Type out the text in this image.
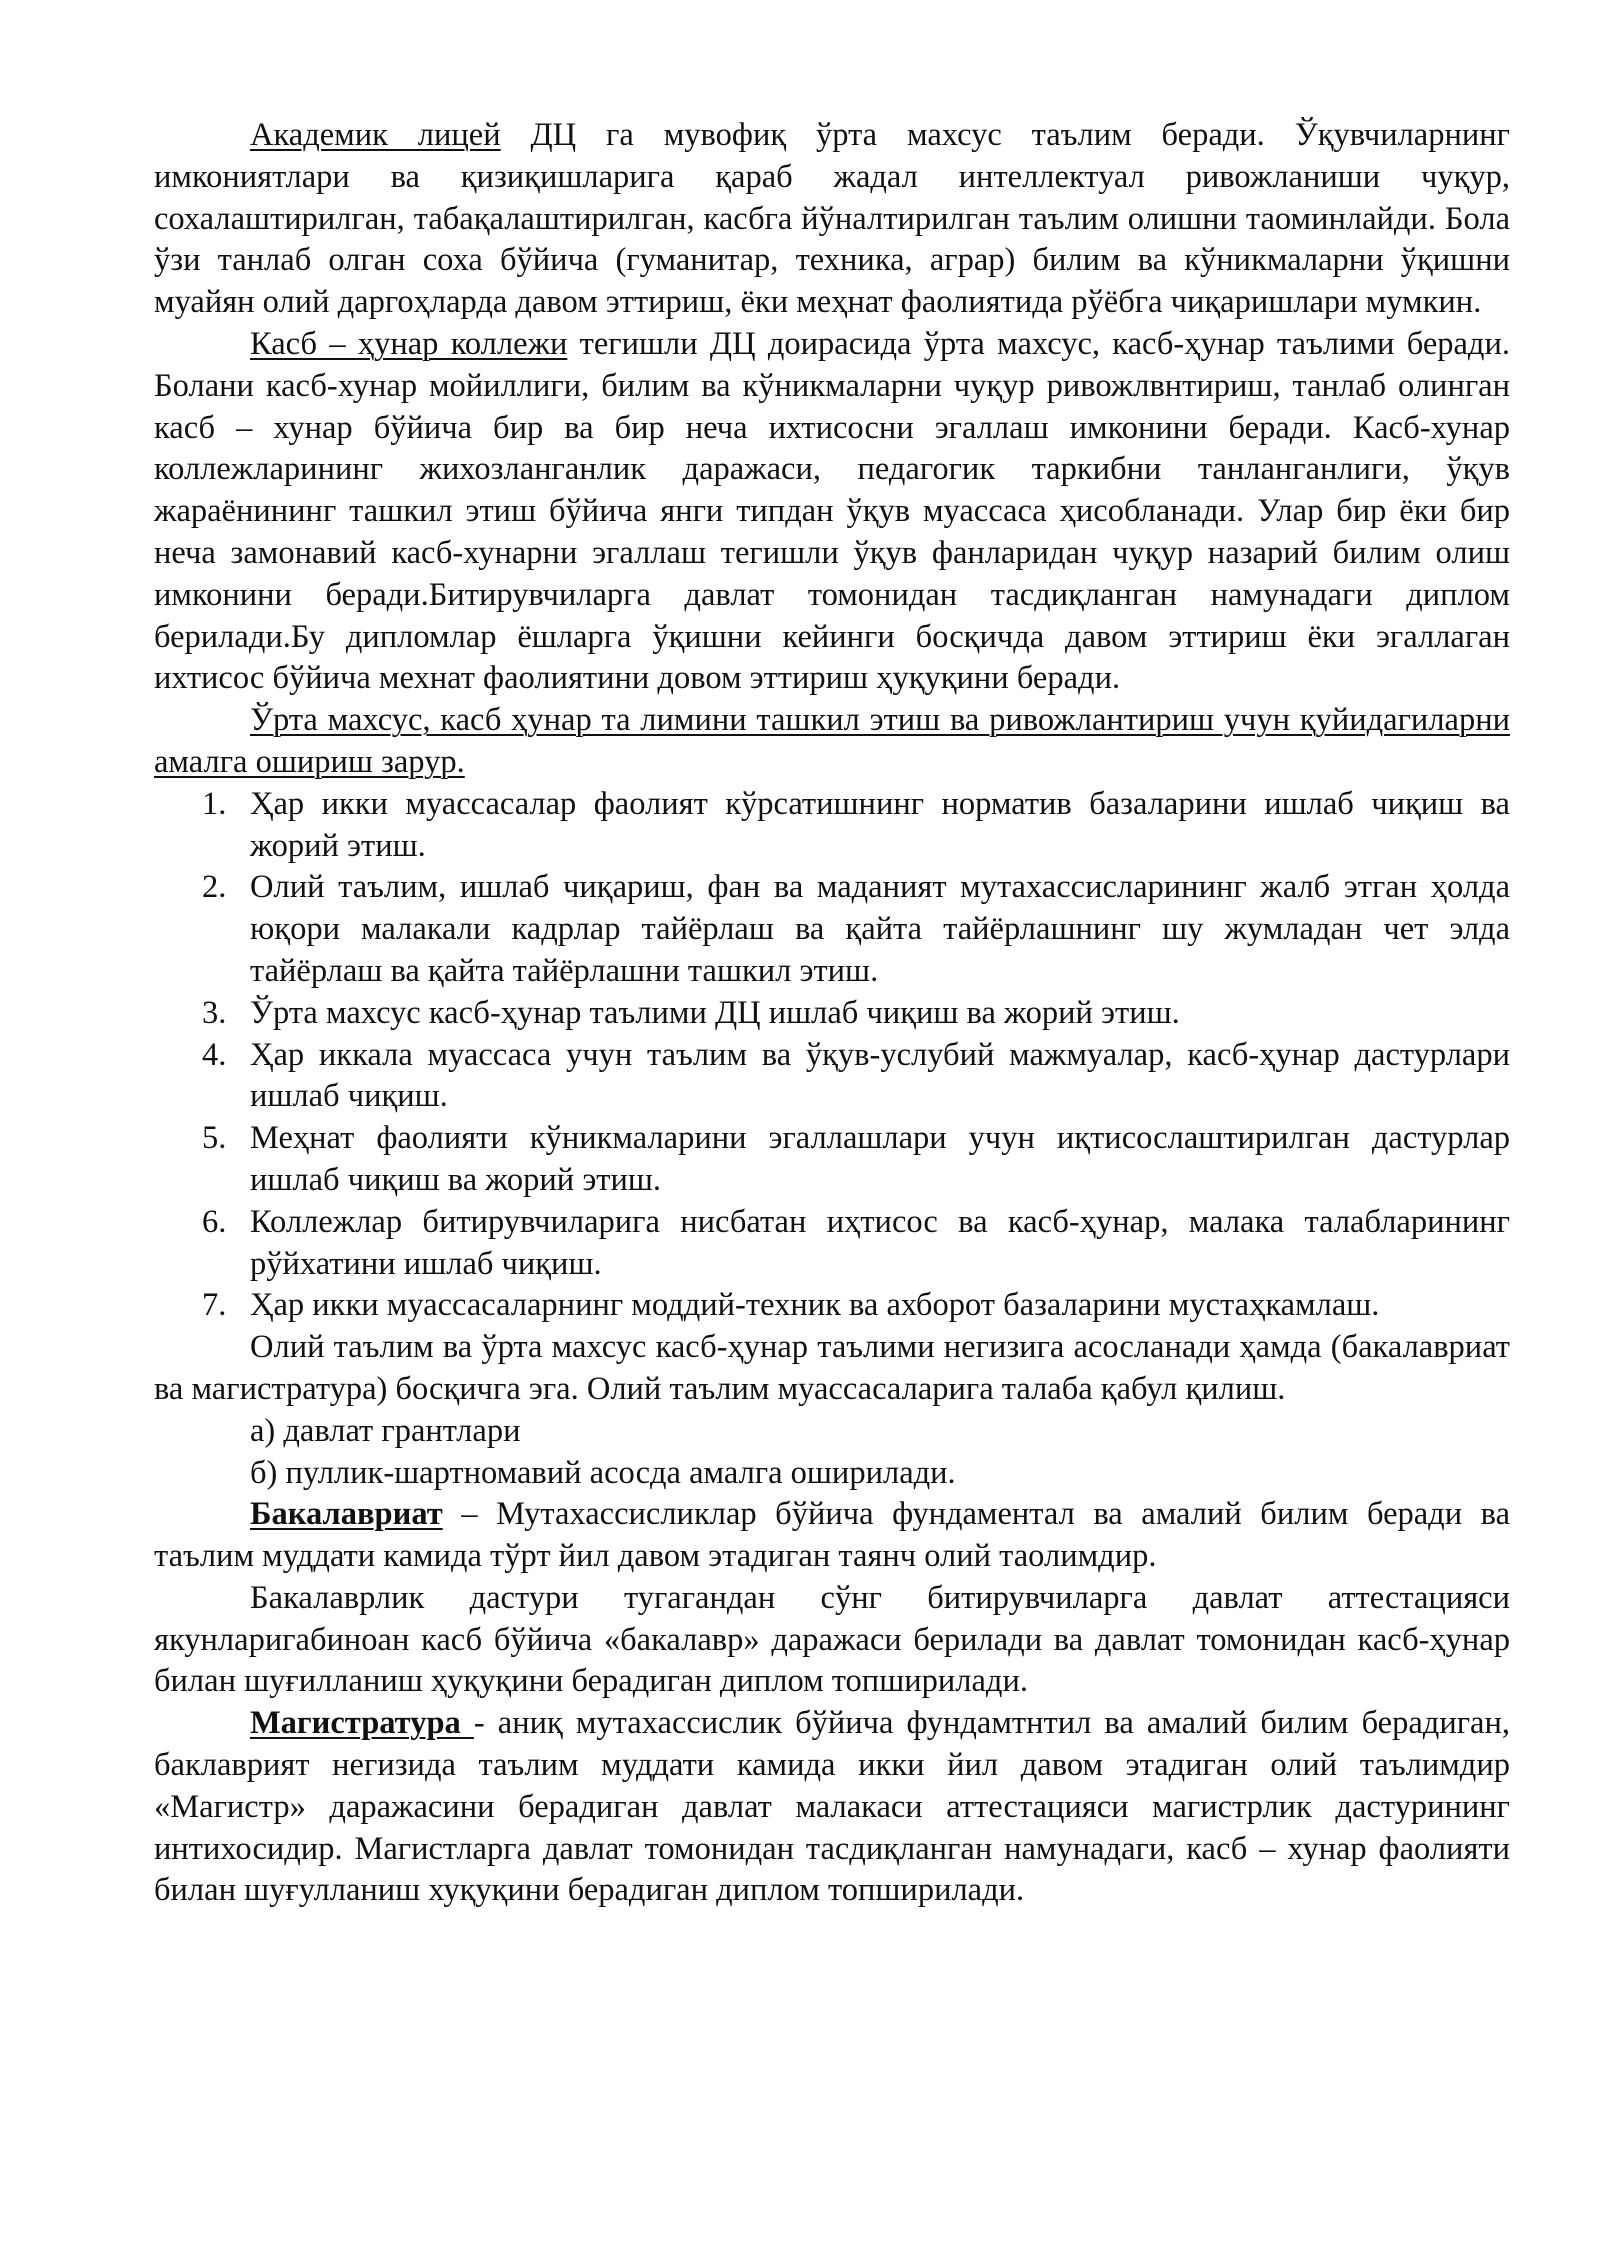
Академик лицей ДЦ га мувофиқ ўрта махсус таълим беради. Ўқувчиларнинг имкониятлари ва қизиқишларига қараб жадал интеллектуал ривожланиши чуқур, сохалаштирилган, табақалаштирилган, касбга йўналтирилган таълим олишни таоминлайди. Бола ўзи танлаб олган соха бўйича (гуманитар, техника, аграр) билим ва кўникмаларни ўқишни муайян олий даргоҳларда давом эттириш, ёки меҳнат фаолиятида рўёбга чиқаришлари мумкин.

Касб – ҳунар коллежи тегишли ДЦ доирасида ўрта махсус, касб-ҳунар таълими беради. Болани касб-хунар мойиллиги, билим ва кўникмаларни чуқур ривожлвнтириш, танлаб олинган касб – хунар бўйича бир ва бир неча ихтисосни эгаллаш имконини беради. Касб-хунар коллежларининг жихозланганлик даражаси, педагогик таркибни танланганлиги, ўқув жараёнининг ташкил этиш бўйича янги типдан ўқув муассаса ҳисобланади. Улар бир ёки бир неча замонавий касб-хунарни эгаллаш тегишли ўқув фанларидан чуқур назарий билим олиш имконини беради.Битирувчиларга давлат томонидан тасдиқланган намунадаги диплом берилади.Бу дипломлар ёшларга ўқишни кейинги босқичда давом эттириш ёки эгаллаган ихтисос бўйича мехнат фаолиятини довом эттириш ҳуқуқини беради.

Ўрта махсус, касб ҳунар та лимини ташкил этиш ва ривожлантириш учун қуйидагиларни амалга ошириш зарур.

1. Ҳар икки муассасалар фаолият кўрсатишнинг норматив базаларини ишлаб чиқиш ва жорий этиш.
2. Олий таълим, ишлаб чиқариш, фан ва маданият мутахассисларининг жалб этган ҳолда юқори малакали кадрлар тайёрлаш ва қайта тайёрлашнинг шу жумладан чет элда тайёрлаш ва қайта тайёрлашни ташкил этиш.
3. Ўрта махсус касб-ҳунар таълими ДЦ ишлаб чиқиш ва жорий этиш.
4. Ҳар иккала муассаса учун таълим ва ўқув-услубий мажмуалар, касб-ҳунар дастурлари ишлаб чиқиш.
5. Меҳнат фаолияти кўникмаларини эгаллашлари учун иқтисослаштирилган дастурлар ишлаб чиқиш ва жорий этиш.
6. Коллежлар битирувчиларига нисбатан иҳтисос ва касб-ҳунар, малака талабларининг рўйхатини ишлаб чиқиш.
7. Ҳар икки муассасаларнинг моддий-техник ва ахборот базаларини мустаҳкамлаш.

Олий таълим ва ўрта махсус касб-ҳунар таълими негизига асосланади ҳамда (бакалавриат ва магистратура) босқичга эга. Олий таълим муассасаларига талаба қабул қилиш.

а) давлат грантлари

б) пуллик-шартномавий асосда амалга оширилади.

Бакалавриат – Мутахассисликлар бўйича фундаментал ва амалий билим беради ва таълим муддати камида тўрт йил давом этадиган таянч олий таолимдир.

Бакалаврлик дастури тугагандан сўнг битирувчиларга давлат аттестацияси якунларигабиноан касб бўйича «бакалавр» даражаси берилади ва давлат томонидан касб-ҳунар билан шуғилланиш ҳуқуқини берадиган диплом топширилади.

Магистратура - аниқ мутахассислик бўйича фундамтнтил ва амалий билим берадиган, баклаврият негизида таълим муддати камида икки йил давом этадиган олий таълимдир «Магистр» даражасини берадиган давлат малакаси аттестацияси магистрлик дастурининг интихосидир. Магистларга давлат томонидан тасдиқланган намунадаги, касб – хунар фаолияти билан шуғулланиш хуқуқини берадиган диплом топширилади.
